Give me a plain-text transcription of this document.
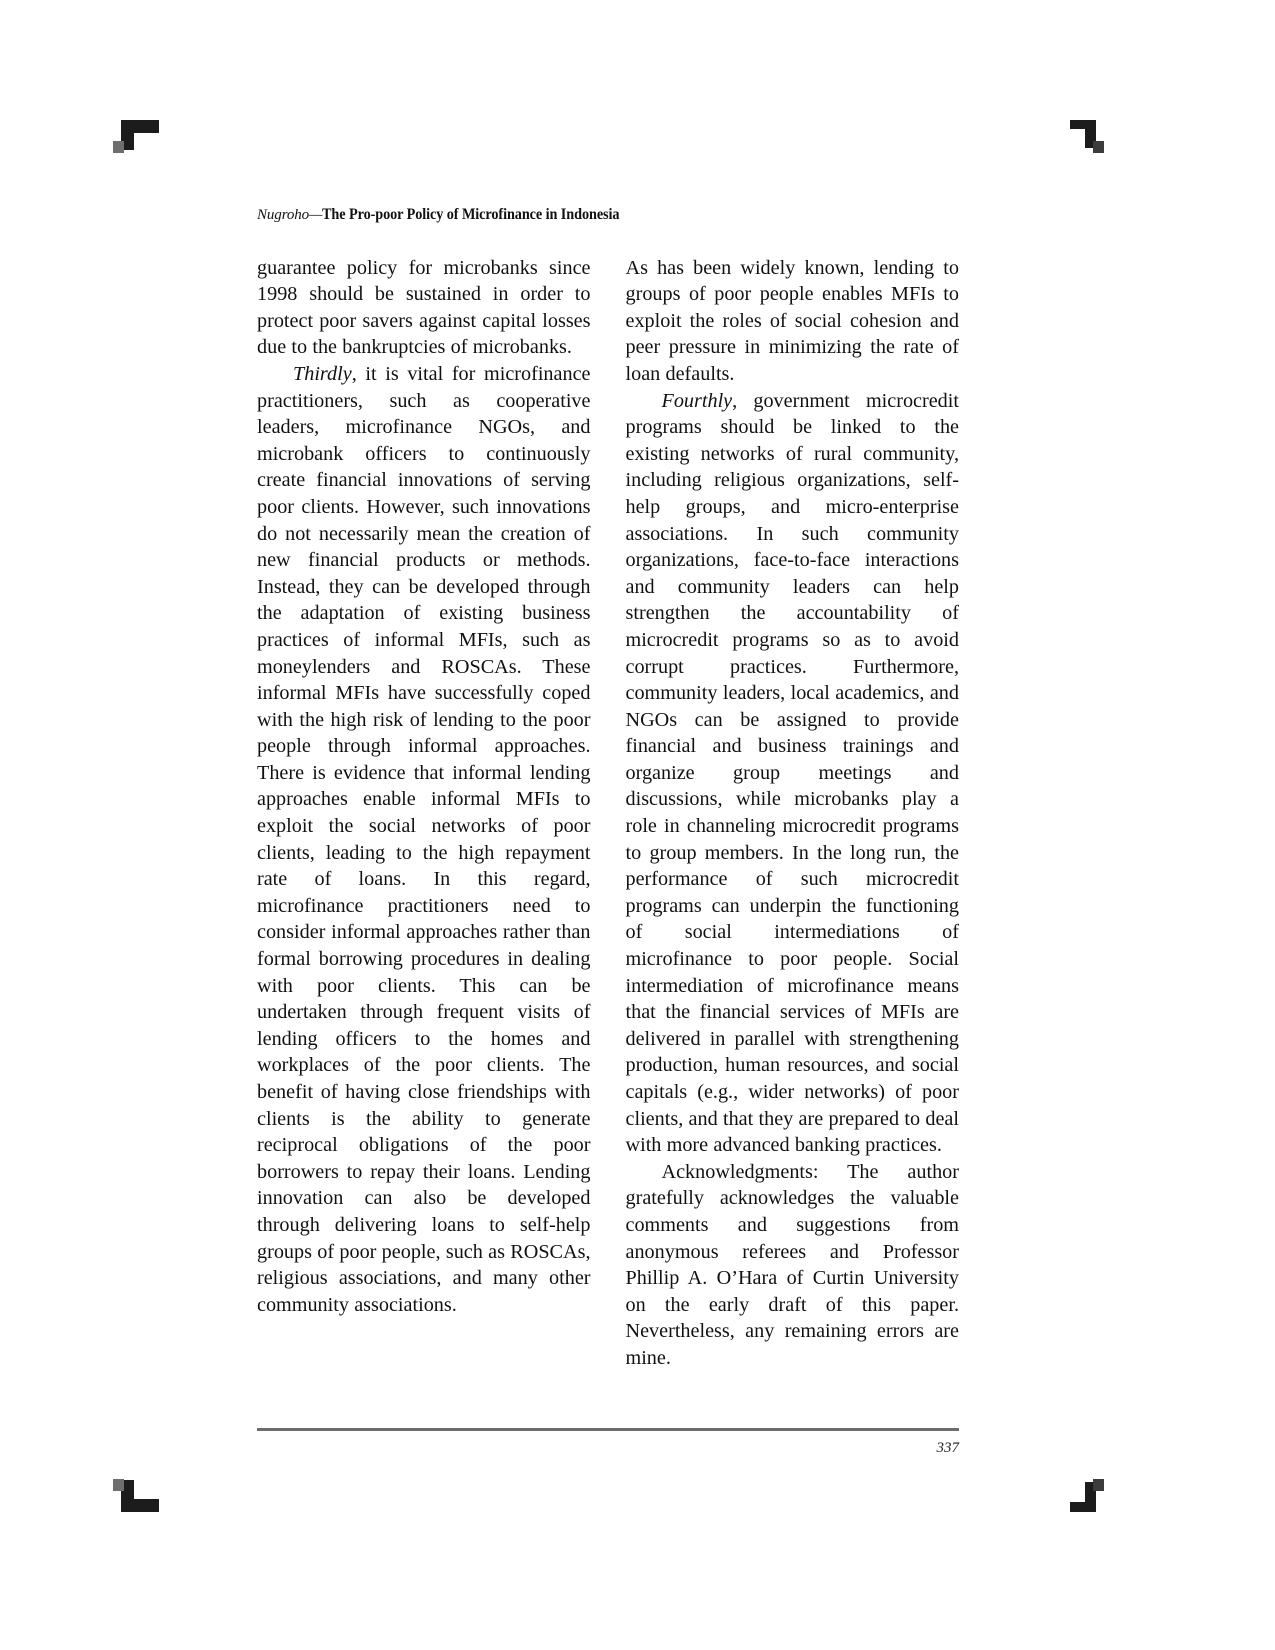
Nugroho—The Pro-poor Policy of Microfinance in Indonesia

guarantee policy for microbanks since 1998 should be sustained in order to protect poor savers against capital losses due to the bankruptcies of microbanks.

Thirdly, it is vital for microfinance practitioners, such as cooperative leaders, microfinance NGOs, and microbank officers to continuously create financial innovations of serving poor clients. However, such innovations do not necessarily mean the creation of new financial products or methods. Instead, they can be developed through the adaptation of existing business practices of informal MFIs, such as moneylenders and ROSCAs. These informal MFIs have successfully coped with the high risk of lending to the poor people through informal approaches. There is evidence that informal lending approaches enable informal MFIs to exploit the social networks of poor clients, leading to the high repayment rate of loans. In this regard, microfinance practitioners need to consider informal approaches rather than formal borrowing procedures in dealing with poor clients. This can be undertaken through frequent visits of lending officers to the homes and workplaces of the poor clients. The benefit of having close friendships with clients is the ability to generate reciprocal obligations of the poor borrowers to repay their loans. Lending innovation can also be developed through delivering loans to self-help groups of poor people, such as ROSCAs, religious associations, and many other community associations.

As has been widely known, lending to groups of poor people enables MFIs to exploit the roles of social cohesion and peer pressure in minimizing the rate of loan defaults.

Fourthly, government microcredit programs should be linked to the existing networks of rural community, including religious organizations, self-help groups, and micro-enterprise associations. In such community organizations, face-to-face interactions and community leaders can help strengthen the accountability of microcredit programs so as to avoid corrupt practices. Furthermore, community leaders, local academics, and NGOs can be assigned to provide financial and business trainings and organize group meetings and discussions, while microbanks play a role in channeling microcredit programs to group members. In the long run, the performance of such microcredit programs can underpin the functioning of social intermediations of microfinance to poor people. Social intermediation of microfinance means that the financial services of MFIs are delivered in parallel with strengthening production, human resources, and social capitals (e.g., wider networks) of poor clients, and that they are prepared to deal with more advanced banking practices.

Acknowledgments: The author gratefully acknowledges the valuable comments and suggestions from anonymous referees and Professor Phillip A. O’Hara of Curtin University on the early draft of this paper. Nevertheless, any remaining errors are mine.

337
